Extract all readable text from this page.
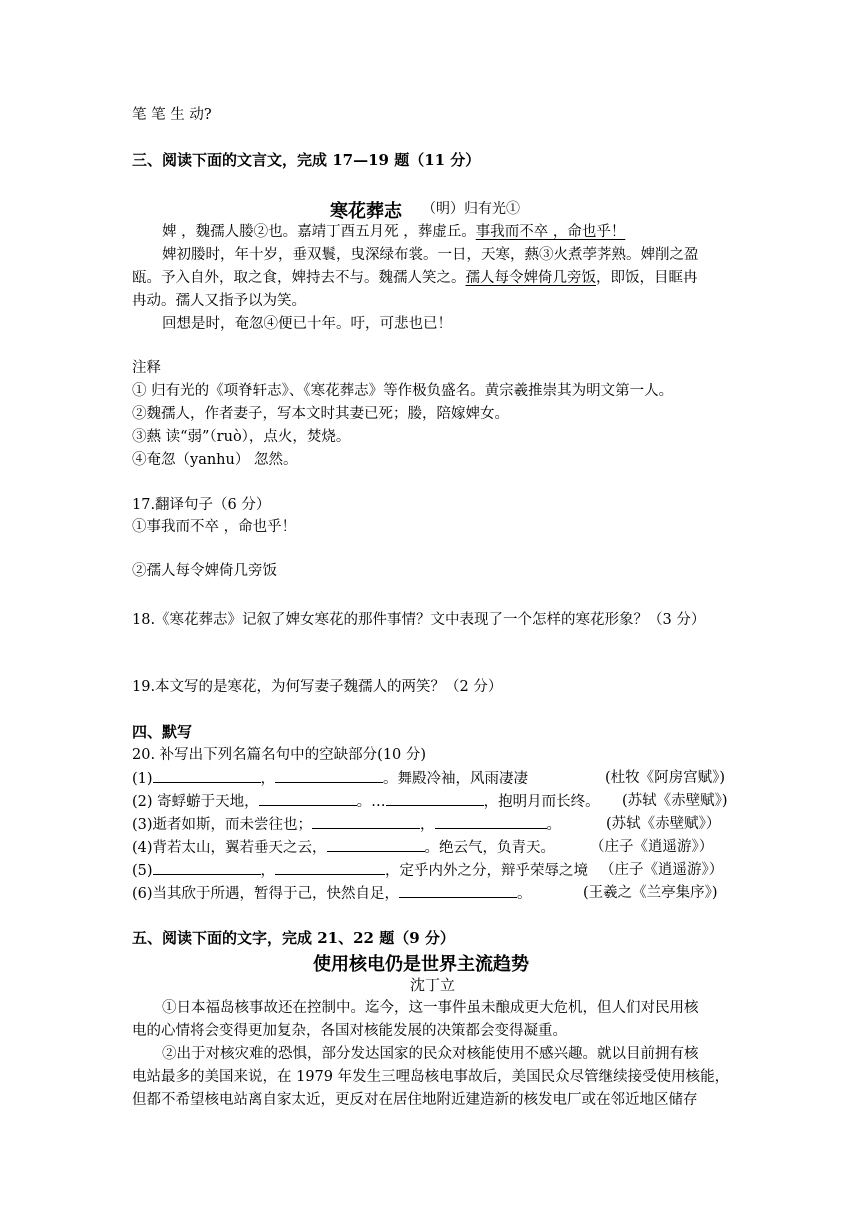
笔 笔 生 动?
三、阅读下面的文言文，完成 17—19 题（11 分）
寒花葬志 （明）归有光①
婢 ，魏孺人媵②也。嘉靖丁酉五月死 ，葬虚丘。事我而不卒 ，命也乎！
婢初媵时，年十岁，垂双鬟，曳深绿布裳。一日，天寒，爇③火煮荸荠熟。婢削之盈
瓯。予入自外，取之食，婢持去不与。魏孺人笑之。孺人每令婢倚几旁饭，即饭，目眶冉
冉动。孺人又指予以为笑。
回想是时，奄忽④便已十年。吁，可悲也已！
注释
① 归有光的《项脊轩志》、《寒花葬志》等作极负盛名。黄宗羲推崇其为明文第一人。
②魏孺人，作者妻子，写本文时其妻已死；媵，陪嫁婢女。
③爇 读“弱”（ruò），点火，焚烧。
④奄忽（yanhu） 忽然。
17.翻译句子（6 分）
①事我而不卒 ，命也乎！
②孺人每令婢倚几旁饭
18.《寒花葬志》记叙了婢女寒花的那件事情？文中表现了一个怎样的寒花形象？（3 分）
19.本文写的是寒花，为何写妻子魏孺人的两笑？（2 分）
四、默写
20. 补写出下列名篇名句中的空缺部分(10 分)
(1)	，	。舞殿冷袖，风雨凄凄	(杜牧《阿房宫赋》)
(2) 寄蜉蝣于天地，	。…	，抱明月而长终。 (苏轼《赤壁赋》)
(3)逝者如斯，而未尝往也；	，	。	(苏轼《赤壁赋》）
(4)背若太山，翼若垂天之云，	。绝云气，负青天。 （庄子《逍遥游》）
(5)	，	，定乎内外之分，辩乎荣辱之境 （庄子《逍遥游》）
(6)当其欣于所遇，暂得于己，快然自足，	。	(王羲之《兰亭集序》)
五、阅读下面的文字，完成 21、22 题（9 分）
使用核电仍是世界主流趋势
沈丁立
①日本福岛核事故还在控制中。迄今，这一事件虽未酿成更大危机，但人们对民用核
电的心情将会变得更加复杂，各国对核能发展的决策都会变得凝重。
②出于对核灾难的恐惧，部分发达国家的民众对核能使用不感兴趣。就以目前拥有核
电站最多的美国来说，在 1979 年发生三哩岛核电事故后，美国民众尽管继续接受使用核能，
但都不希望核电站离自家太近，更反对在居住地附近建造新的核发电厂或在邻近地区储存
